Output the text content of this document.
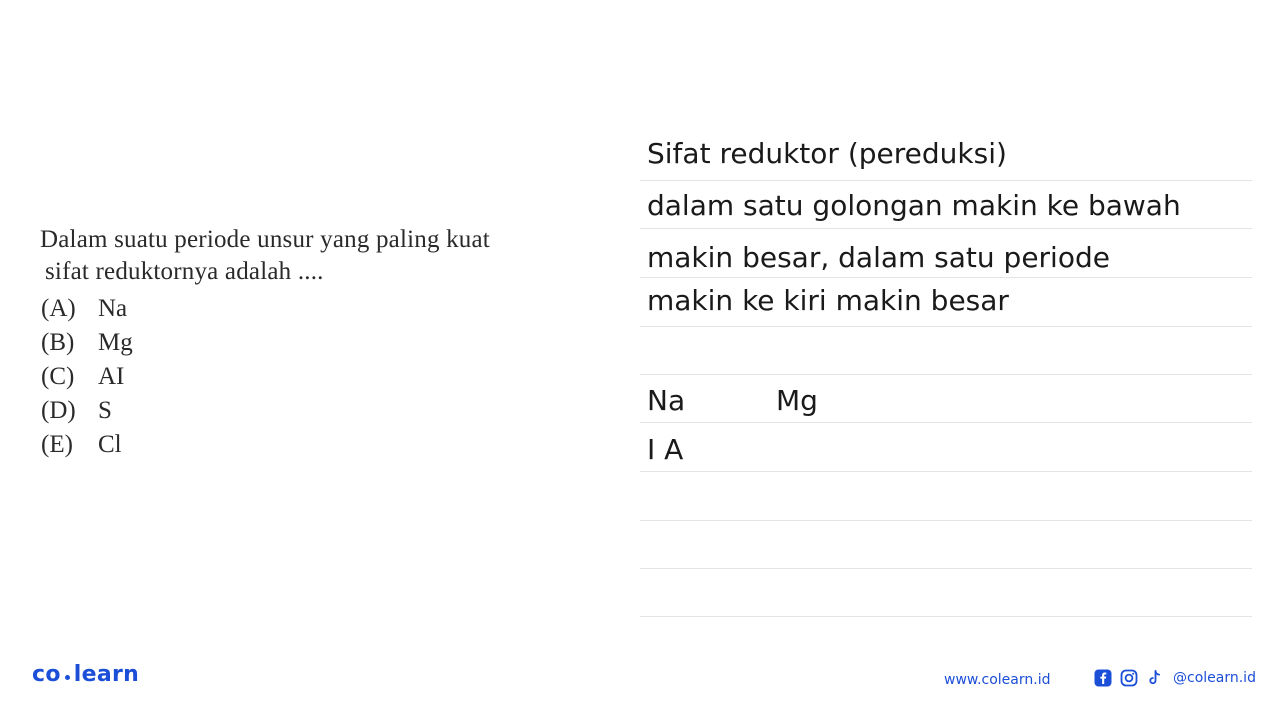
Dalam suatu periode unsur yang paling kuat
sifat reduktornya adalah ....
(A) Na
(B) Mg
(C) AI
(D) S
(E)	Cl
Sifat reduktor (pereduksi)
dalam satu golongan makin ke bawah
makin besar, dalam satu periode
makin ke kiri makin besar
Na	Mg
I A
co learn	www.colearn.id	@colearn.id
